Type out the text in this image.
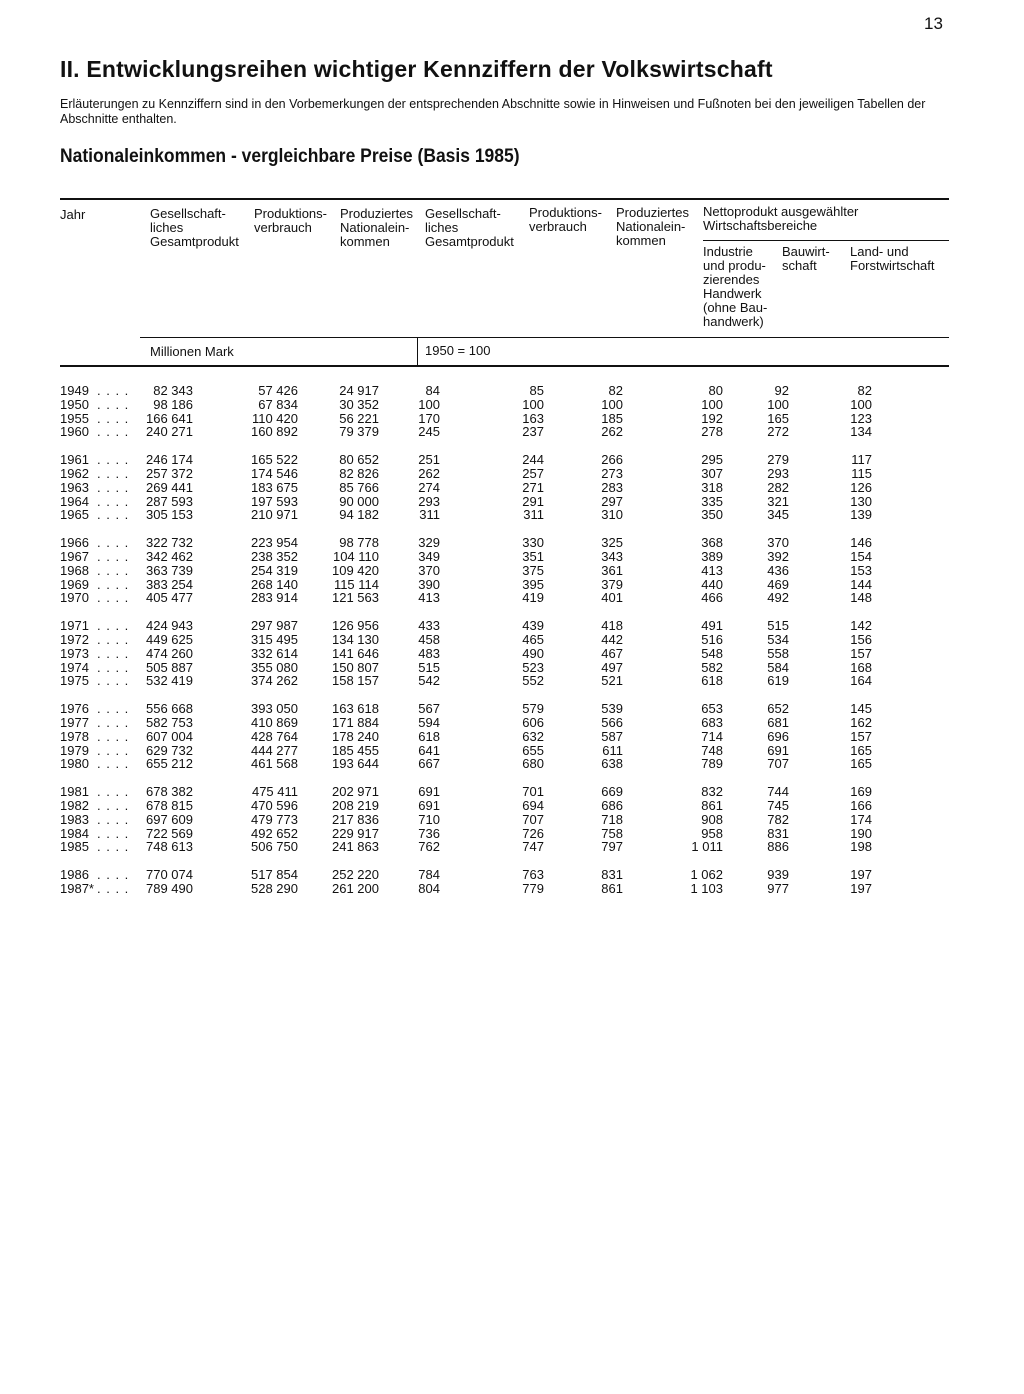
13
II. Entwicklungsreihen wichtiger Kennziffern der Volkswirtschaft
Erläuterungen zu Kennziffern sind in den Vorbemerkungen der entsprechenden Abschnitte sowie in Hinweisen und Fußnoten bei den jeweiligen Tabellen der Abschnitte enthalten.
Nationaleinkommen - vergleichbare Preise (Basis 1985)
Jahr	Gesellschaft-
liches
Gesamtprodukt
Produktions-
verbrauch
Produziertes
Nationalein-
kommen
Gesellschaft-
liches
Gesamtprodukt
Produktions-
verbrauch
Produziertes
Nationalein-
kommen
Nettoprodukt ausgewählter
Wirtschaftsbereiche
Industrie
und produ-
zierendes
Handwerk
(ohne Bau-
handwerk)
Bauwirt-
schaft
Land- und
Forstwirtschaft
Millionen Mark	1950 = 100
1949 . . . . 82 343	57 426	24 917	84	85	82	80	92	82
1950 . . . . 98 186	67 834	30 352	100	100	100	100	100	100
1955 . . . . 166 641	110 420	56 221	170	163	185	192	165	123
1960 . . . . 240 271	160 892	79 379	245	237	262	278	272	134
1961 . . . . 246 174	165 522	80 652	251	244	266	295	279	117
1962 . . . . 257 372	174 546	82 826	262	257	273	307	293	115
1963 . . . . 269 441	183 675	85 766	274	271	283	318	282	126
1964 . . . . 287 593	197 593	90 000	293	291	297	335	321	130
1965 . . . . 305 153	210 971	94 182	311	311	310	350	345	139
1966 . . . . 322 732	223 954	98 778	329	330	325	368	370	146
1967 . . . . 342 462	238 352	104 110	349	351	343	389	392	154
1968 . . . . 363 739	254 319	109 420	370	375	361	413	436	153
1969 . . . . 383 254	268 140	115 114	390	395	379	440	469	144
1970 . . . . 405 477	283 914	121 563	413	419	401	466	492	148
1971 . . . . 424 943	297 987	126 956	433	439	418	491	515	142
1972 . . . . 449 625	315 495	134 130	458	465	442	516	534	156
1973 . . . . 474 260	332 614	141 646	483	490	467	548	558	157
1974 . . . . 505 887	355 080	150 807	515	523	497	582	584	168
1975 . . . . 532 419	374 262	158 157	542	552	521	618	619	164
1976 . . . . 556 668	393 050	163 618	567	579	539	653	652	145
1977 . . . . 582 753	410 869	171 884	594	606	566	683	681	162
1978 . . . . 607 004	428 764	178 240	618	632	587	714	696	157
1979 . . . . 629 732	444 277	185 455	641	655	611	748	691	165
1980 . . . . 655 212	461 568	193 644	667	680	638	789	707	165
1981 . . . . 678 382	475 411	202 971	691	701	669	832	744	169
1982 . . . . 678 815	470 596	208 219	691	694	686	861	745	166
1983 . . . . 697 609	479 773	217 836	710	707	718	908	782	174
1984 . . . . 722 569	492 652	229 917	736	726	758	958	831	190
1985 . . . . 748 613	506 750	241 863	762	747	797	1 011	886	198
1986 . . . . 770 074	517 854	252 220	784	763	831	1 062	939	197
1987* . . . . 789 490	528 290	261 200	804	779	861	1 103	977	197
